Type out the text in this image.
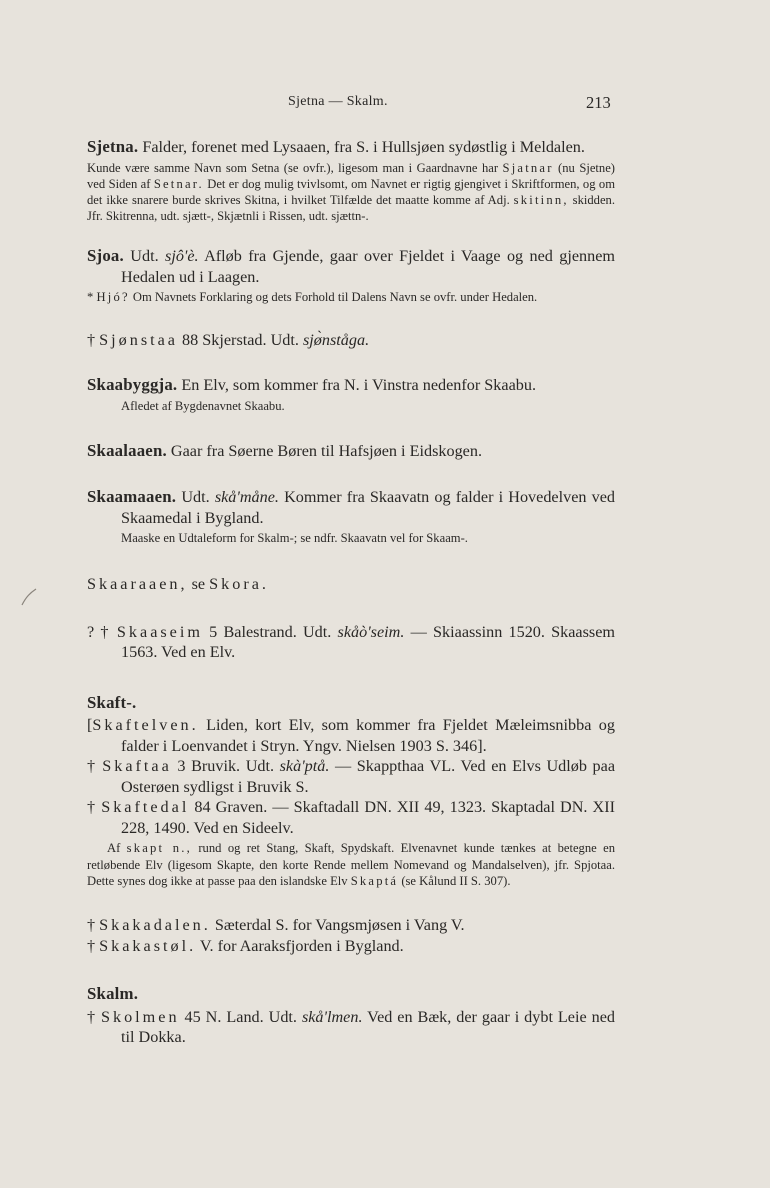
Sjetna — Skalm.	213

Sjetna. Falder, forenet med Lysaaen, fra S. i Hullsjøen sydøstlig i Meldalen.

Kunde være samme Navn som Setna (se ovfr.), ligesom man i Gaardnavne har Sjatnar (nu Sjetne) ved Siden af Setnar. Det er dog mulig tvivlsomt, om Navnet er rigtig gjengivet i Skriftformen, og om det ikke snarere burde skrives Skitna, i hvilket Tilfælde det maatte komme af Adj. skitinn, skidden. Jfr. Skitrenna, udt. sjætt-, Skjætnli i Rissen, udt. sjættn-.

Sjoa. Udt. sjô'è. Afløb fra Gjende, gaar over Fjeldet i Vaage og ned gjennem Hedalen ud i Laagen.

* Hjó? Om Navnets Forklaring og dets Forhold til Dalens Navn se ovfr. under Hedalen.

† Sjønstaa 88 Skjerstad. Udt. sjø̀nståga.

Skaabyggja. En Elv, som kommer fra N. i Vinstra nedenfor Skaabu.

Afledet af Bygdenavnet Skaabu.

Skaalaaen. Gaar fra Søerne Børen til Hafsjøen i Eidskogen.

Skaamaaen. Udt. skå'måne. Kommer fra Skaavatn og falder i Hovedelven ved Skaamedal i Bygland.

Maaske en Udtaleform for Skalm-; se ndfr. Skaavatn vel for Skaam-.

Skaaraaen, se Skora.

? † Skaaseim 5 Balestrand. Udt. skåò'seim. — Skiaassinn 1520. Skaassem 1563. Ved en Elv.

Skaft-.

[Skaftelven. Liden, kort Elv, som kommer fra Fjeldet Mæleimsnibba og falder i Loenvandet i Stryn. Yngv. Nielsen 1903 S. 346].

† Skaftaa 3 Bruvik. Udt. skà'ptå. — Skappthaa VL. Ved en Elvs Udløb paa Osterøen sydligst i Bruvik S.

† Skaftedal 84 Graven. — Skaftadall DN. XII 49, 1323. Skaptadal DN. XII 228, 1490. Ved en Sideelv.

Af skapt n., rund og ret Stang, Skaft, Spydskaft. Elvenavnet kunde tænkes at betegne en retløbende Elv (ligesom Skapte, den korte Rende mellem Nomevand og Mandalselven), jfr. Spjotaa. Dette synes dog ikke at passe paa den islandske Elv Skaptá (se Kålund II S. 307).

† Skakadalen. Sæterdal S. for Vangsmjøsen i Vang V.

† Skakastøl. V. for Aaraksfjorden i Bygland.

Skalm.

† Skolmen 45 N. Land. Udt. skå'lmen. Ved en Bæk, der gaar i dybt Leie ned til Dokka.
